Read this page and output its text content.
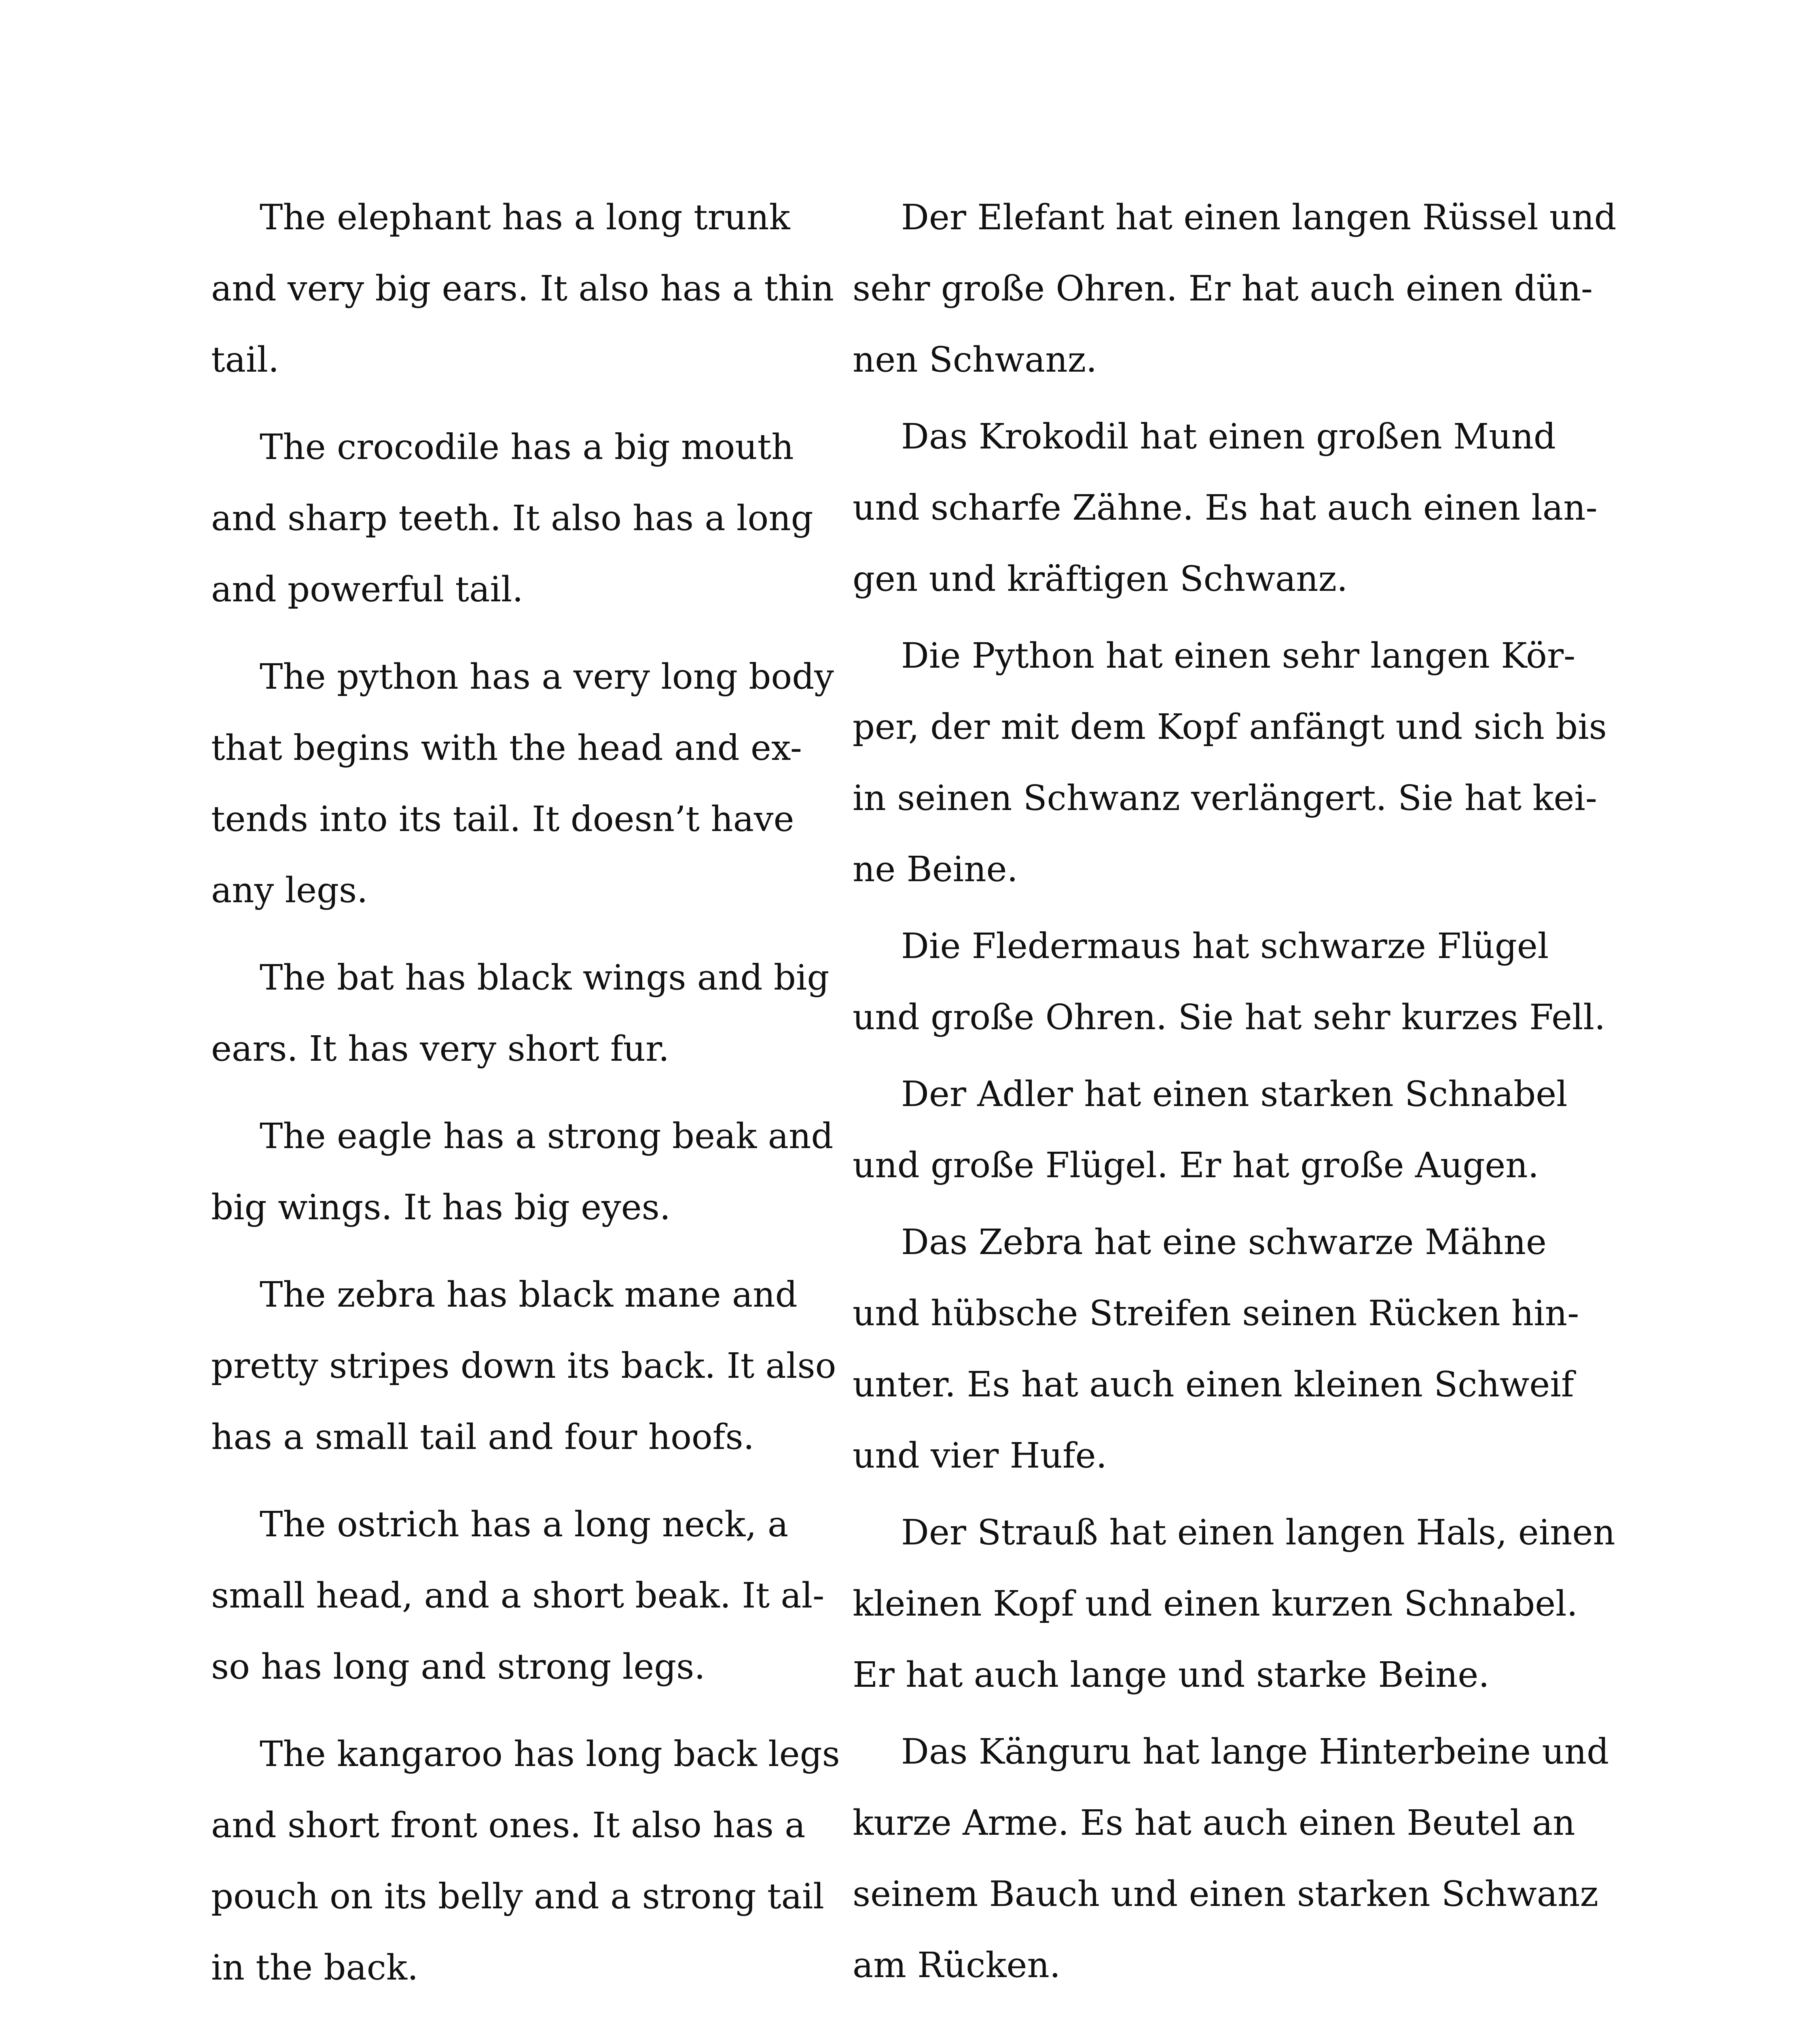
The elephant has a long trunk
and very big ears. It also has a thin
tail.

The crocodile has a big mouth
and sharp teeth. It also has a long
and powerful tail.

The python has a very long body
that begins with the head and ex-
tends into its tail. It doesn’t have
any legs.

The bat has black wings and big
ears. It has very short fur.

The eagle has a strong beak and
big wings. It has big eyes.

The zebra has black mane and
pretty stripes down its back. It also
has a small tail and four hoofs.

The ostrich has a long neck, a
small head, and a short beak. It al-
so has long and strong legs.

The kangaroo has long back legs
and short front ones. It also has a
pouch on its belly and a strong tail
in the back.

Der Elefant hat einen langen Rüssel und
sehr große Ohren. Er hat auch einen dün-
nen Schwanz.

Das Krokodil hat einen großen Mund
und scharfe Zähne. Es hat auch einen lan-
gen und kräftigen Schwanz.

Die Python hat einen sehr langen Kör-
per, der mit dem Kopf anfängt und sich bis
in seinen Schwanz verlängert. Sie hat kei-
ne Beine.

Die Fledermaus hat schwarze Flügel
und große Ohren. Sie hat sehr kurzes Fell.

Der Adler hat einen starken Schnabel
und große Flügel. Er hat große Augen.

Das Zebra hat eine schwarze Mähne
und hübsche Streifen seinen Rücken hin-
unter. Es hat auch einen kleinen Schweif
und vier Hufe.

Der Strauß hat einen langen Hals, einen
kleinen Kopf und einen kurzen Schnabel.
Er hat auch lange und starke Beine.

Das Känguru hat lange Hinterbeine und
kurze Arme. Es hat auch einen Beutel an
seinem Bauch und einen starken Schwanz
am Rücken.
